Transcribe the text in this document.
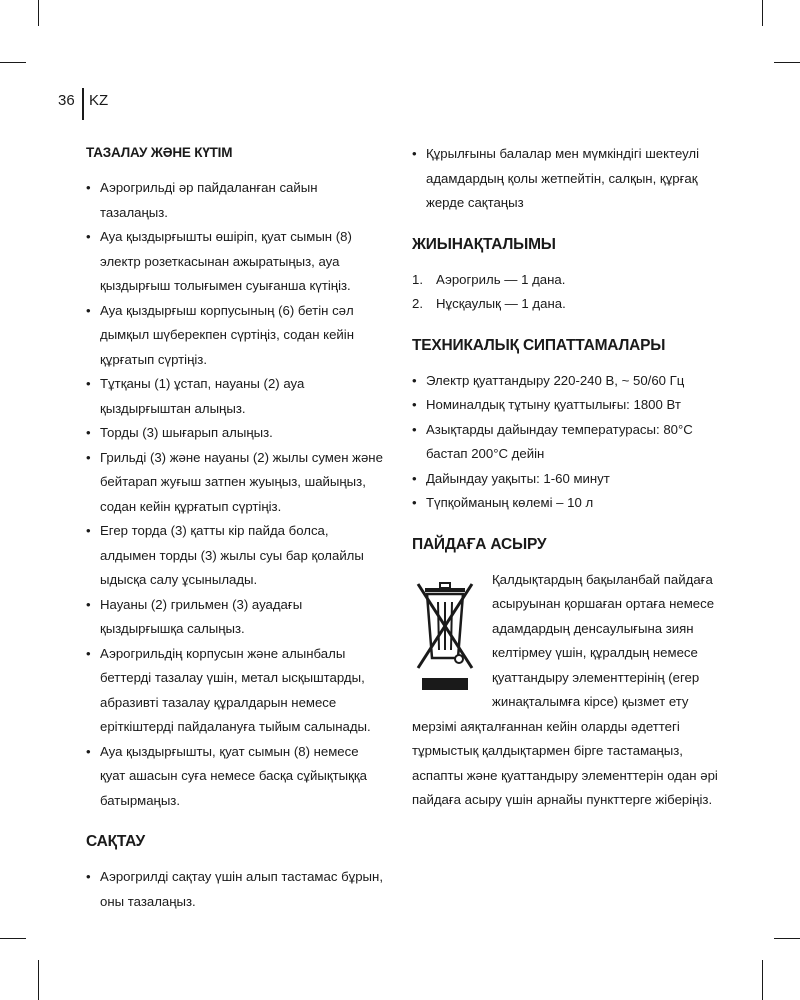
36 KZ
ТАЗАЛАУ ЖӘНЕ КҮТІМ
• Аэрогрильді әр пайдаланған сайын тазалаңыз.
• Ауа қыздырғышты өшіріп, қуат сымын (8) электр розеткасынан ажыратыңыз, ауа қыздырғыш толығымен суығанша күтіңіз.
• Ауа қыздырғыш корпусының (6) бетін сәл дымқыл шүберекпен сүртіңіз, содан кейін құрғатып сүртіңіз.
• Тұтқаны (1) ұстап, науаны (2) ауа қыздырғыштан алыңыз.
• Торды (3) шығарып алыңыз.
• Грильді (3) және науаны (2) жылы сумен және бейтарап жуғыш затпен жуыңыз, шайыңыз, содан кейін құрғатып сүртіңіз.
• Егер торда (3) қатты кір пайда болса, алдымен торды (3) жылы суы бар қолайлы ыдысқа салу ұсынылады.
• Науаны (2) грильмен (3) ауадағы қыздырғышқа салыңыз.
• Аэрогрильдің корпусын және алынбалы беттерді тазалау үшін, метал ысқыштарды, абразивті тазалау құралдарын немесе еріткіштерді пайдалануға тыйым салынады.
• Ауа қыздырғышты, қуат сымын (8) немесе қуат ашасын суға немесе басқа сұйықтыққа батырмаңыз.
САҚТАУ
• Аэрогрилді сақтау үшін алып тастамас бұрын, оны тазалаңыз.
• Құрылғыны балалар мен мүмкіндігі шектеулі адамдардың қолы жетпейтін, салқын, құрғақ жерде сақтаңыз
ЖИЫНАҚТАЛЫМЫ
1. Аэрогриль — 1 дана.
2. Нұсқаулық — 1 дана.
ТЕХНИКАЛЫҚ СИПАТТАМАЛАРЫ
• Электр қуаттандыру 220-240 В, ~ 50/60 Гц
• Номиналдық тұтыну қуаттылығы: 1800 Вт
• Азықтарды дайындау температурасы: 80°С бастап 200°С дейін
• Дайындау уақыты: 1-60 минут
• Түпқойманың көлемі – 10 л
ПАЙДАҒА АСЫРУ

Қалдықтардың бақыланбай пайдаға асыруынан қоршаған ортаға немесе адамдардың денсаулығына зиян келтірмеу үшін, құралдың немесе қуаттандыру элементтерінің (егер жинақталымға кірсе) қызмет ету мерзімі аяқталғаннан кейін оларды әдеттегі тұрмыстық қалдықтармен бірге тастамаңыз, аспапты және қуаттандыру элементтерін одан әрі пайдаға асыру үшін арнайы пункттерге жіберіңіз.
